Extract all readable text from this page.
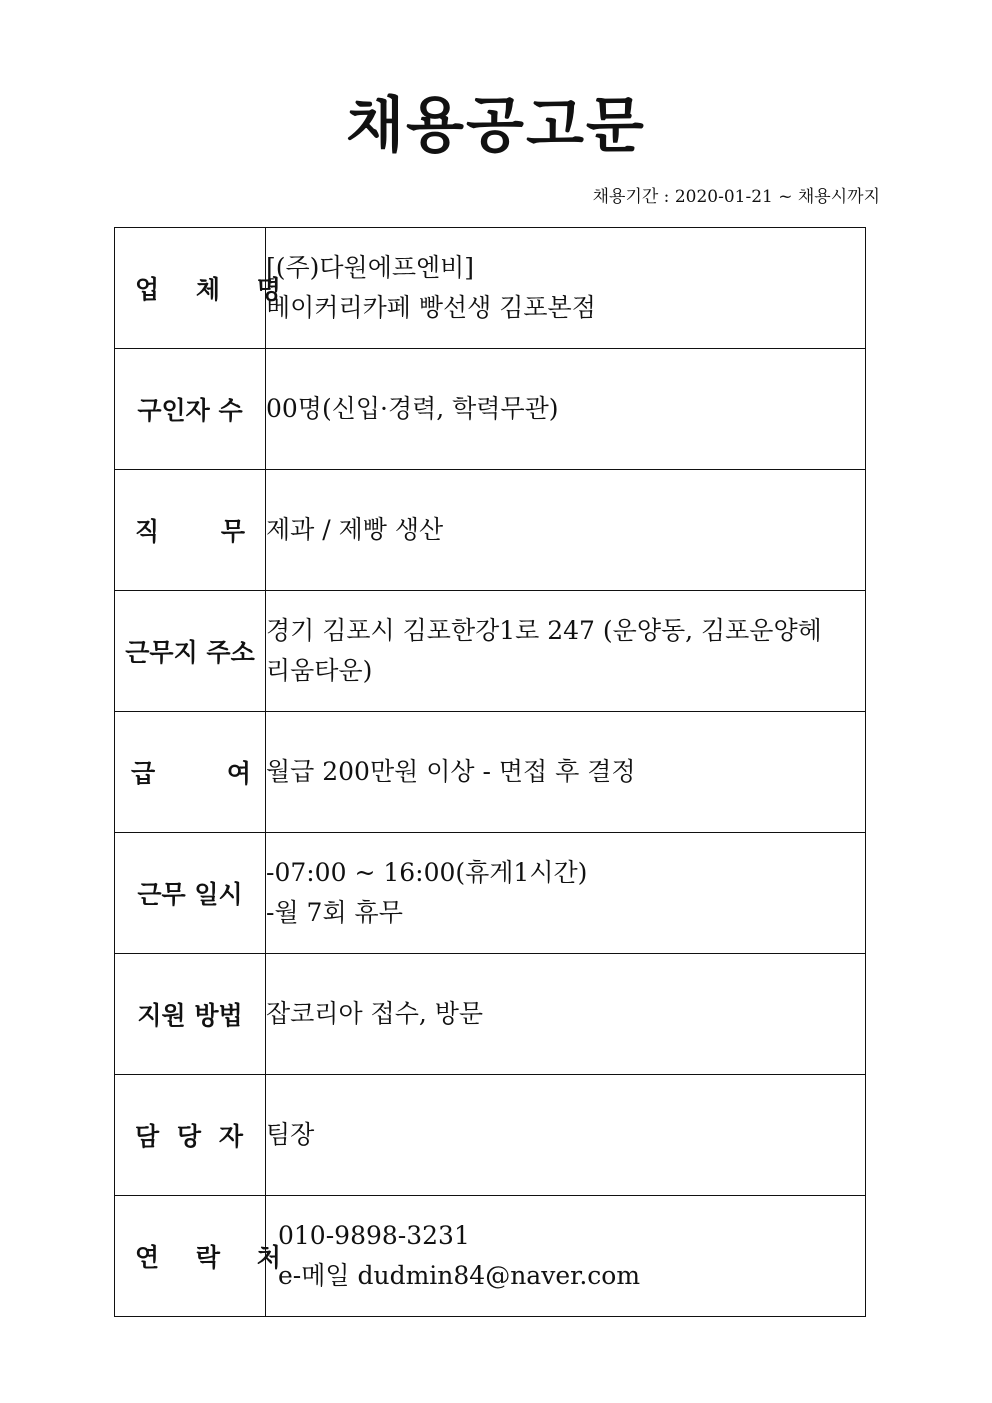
채용공고문
채용기간 : 2020-01-21 ~ 채용시까지
업 체 명	[(주)다원에프엔비]
베이커리카페 빵선생 김포본점

구인자 수	00명(신입·경력, 학력무관)

직 무	제과 / 제빵 생산

근무지 주소	경기 김포시 김포한강1로 247 (운양동, 김포운양헤
리움타운)

급 여	월급 200만원 이상 - 면접 후 결정

근무 일시	-07:00 ~ 16:00(휴게1시간)
-월 7회 휴무

지원 방법	잡코리아 접수, 방문

담 당 자	팀장

연 락 처	010-9898-3231
e-메일 dudmin84@naver.com
